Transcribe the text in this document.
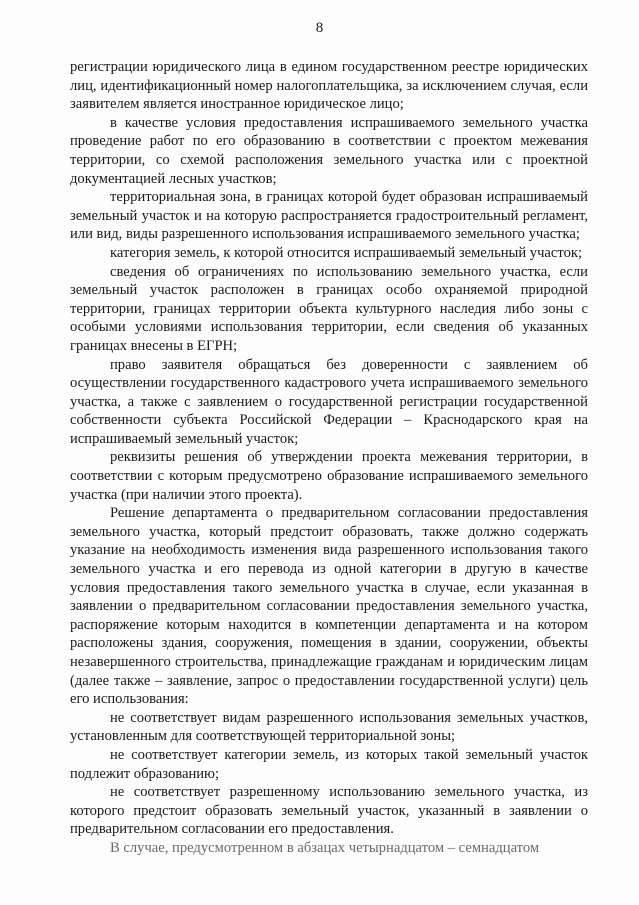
8

регистрации юридического лица в едином государственном реестре юридических лиц, идентификационный номер налогоплательщика, за исключением случая, если заявителем является иностранное юридическое лицо;

в качестве условия предоставления испрашиваемого земельного участка проведение работ по его образованию в соответствии с проектом межевания территории, со схемой расположения земельного участка или с проектной документацией лесных участков;

территориальная зона, в границах которой будет образован испрашиваемый земельный участок и на которую распространяется градостроительный регламент, или вид, виды разрешенного использования испрашиваемого земельного участка;

категория земель, к которой относится испрашиваемый земельный участок;

сведения об ограничениях по использованию земельного участка, если земельный участок расположен в границах особо охраняемой природной территории, границах территории объекта культурного наследия либо зоны с особыми условиями использования территории, если сведения об указанных границах внесены в ЕГРН;

право заявителя обращаться без доверенности с заявлением об осуществлении государственного кадастрового учета испрашиваемого земельного участка, а также с заявлением о государственной регистрации государственной собственности субъекта Российской Федерации – Краснодарского края на испрашиваемый земельный участок;

реквизиты решения об утверждении проекта межевания территории, в соответствии с которым предусмотрено образование испрашиваемого земельного участка (при наличии этого проекта).

Решение департамента о предварительном согласовании предоставления земельного участка, который предстоит образовать, также должно содержать указание на необходимость изменения вида разрешенного использования такого земельного участка и его перевода из одной категории в другую в качестве условия предоставления такого земельного участка в случае, если указанная в заявлении о предварительном согласовании предоставления земельного участка, распоряжение которым находится в компетенции департамента и на котором расположены здания, сооружения, помещения в здании, сооружении, объекты незавершенного строительства, принадлежащие гражданам и юридическим лицам (далее также – заявление, запрос о предоставлении государственной услуги) цель его использования:

не соответствует видам разрешенного использования земельных участков, установленным для соответствующей территориальной зоны;

не соответствует категории земель, из которых такой земельный участок подлежит образованию;

не соответствует разрешенному использованию земельного участка, из которого предстоит образовать земельный участок, указанный в заявлении о предварительном согласовании его предоставления.

В случае, предусмотренном в абзацах четырнадцатом – семнадцатом
